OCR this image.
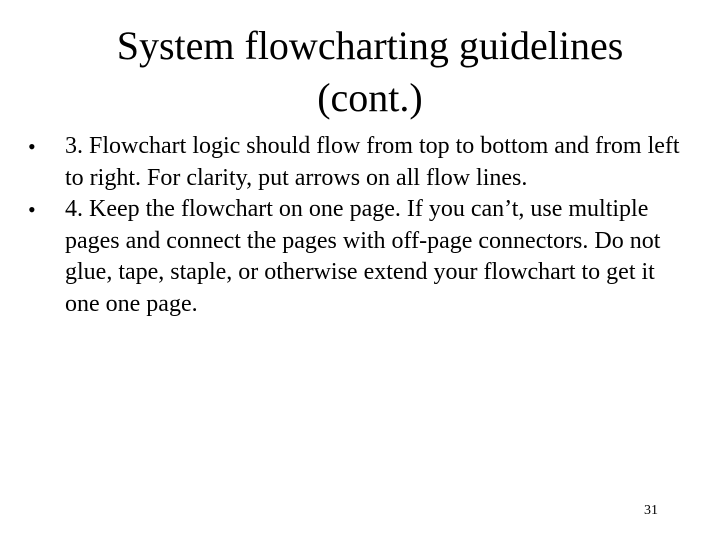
System flowcharting guidelines
(cont.)
•	3. Flowchart logic should flow from top to bottom and from left to right. For clarity, put arrows on all flow lines.
•	4. Keep the flowchart on one page. If you can’t, use multiple pages and connect the pages with off-page connectors. Do not glue, tape, staple, or otherwise extend your flowchart to get it one one page.
31
